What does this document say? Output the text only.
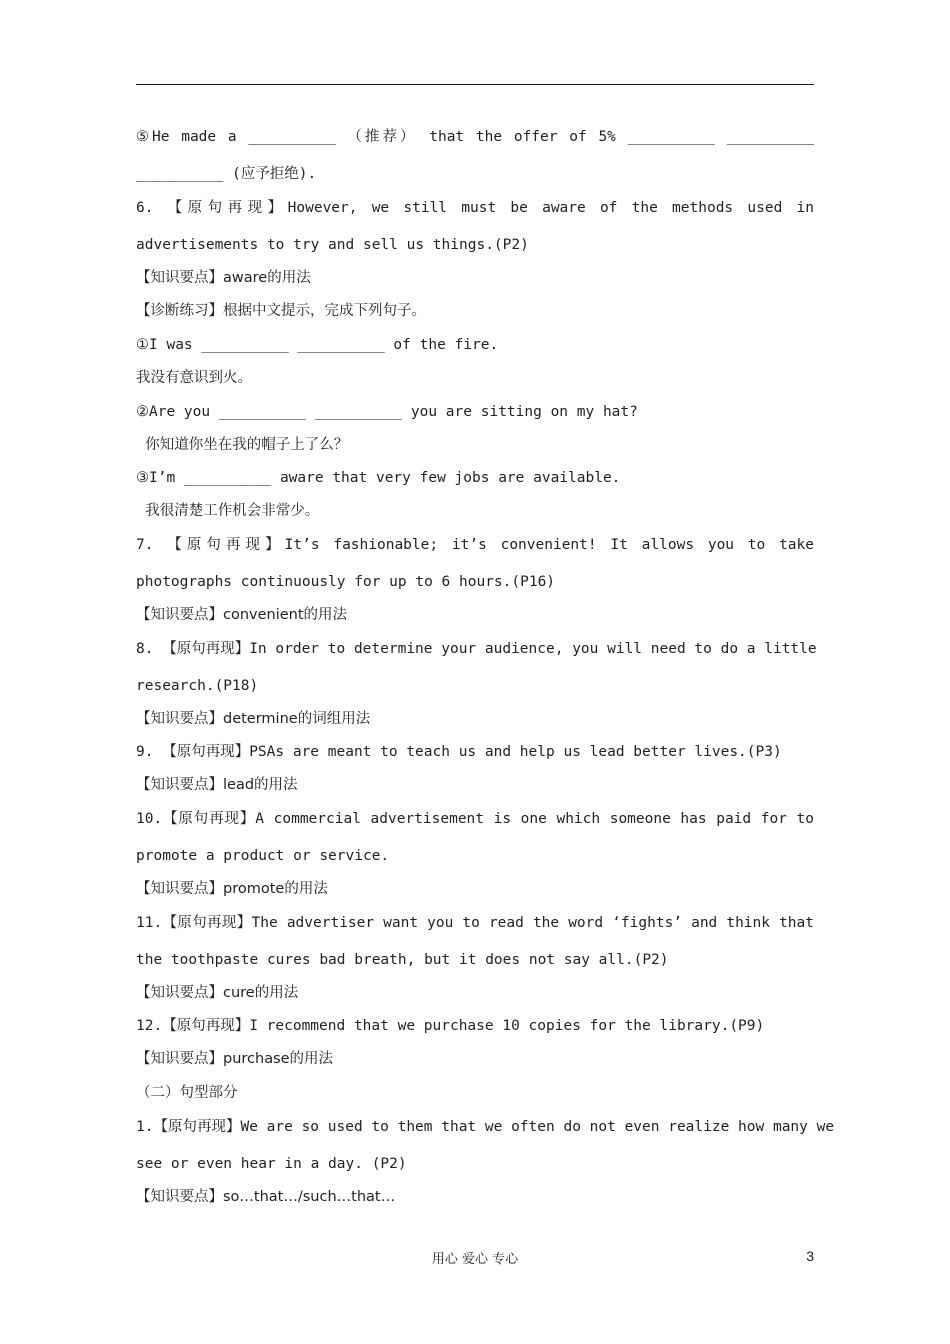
⑤He made a __________ （推荐） that the offer of 5% __________ __________
__________ (应予拒绝).
6. 【原句再现】However, we still must be aware of the methods used in
advertisements to try and sell us things.(P2)
【知识要点】aware的用法
【诊断练习】根据中文提示，完成下列句子。
①I was __________ __________ of the fire.
我没有意识到火。
②Are you __________ __________ you are sitting on my hat?
你知道你坐在我的帽子上了么？
③I’m __________ aware that very few jobs are available.
我很清楚工作机会非常少。
7. 【原句再现】It’s fashionable; it’s convenient! It allows you to take
photographs continuously for up to 6 hours.(P16)
【知识要点】convenient的用法
8. 【原句再现】In order to determine your audience, you will need to do a little
research.(P18)
【知识要点】determine的词组用法
9. 【原句再现】PSAs are meant to teach us and help us lead better lives.(P3)
【知识要点】lead的用法
10.【原句再现】A commercial advertisement is one which someone has paid for to
promote a product or service.
【知识要点】promote的用法
11.【原句再现】The advertiser want you to read the word ‘fights’ and think that
the toothpaste cures bad breath, but it does not say all.(P2)
【知识要点】cure的用法
12.【原句再现】I recommend that we purchase 10 copies for the library.(P9)
【知识要点】purchase的用法
（二）句型部分
1.【原句再现】We are so used to them that we often do not even realize how many we
see or even hear in a day. (P2)
【知识要点】so…that…/such…that…
用心 爱心 专心	3
